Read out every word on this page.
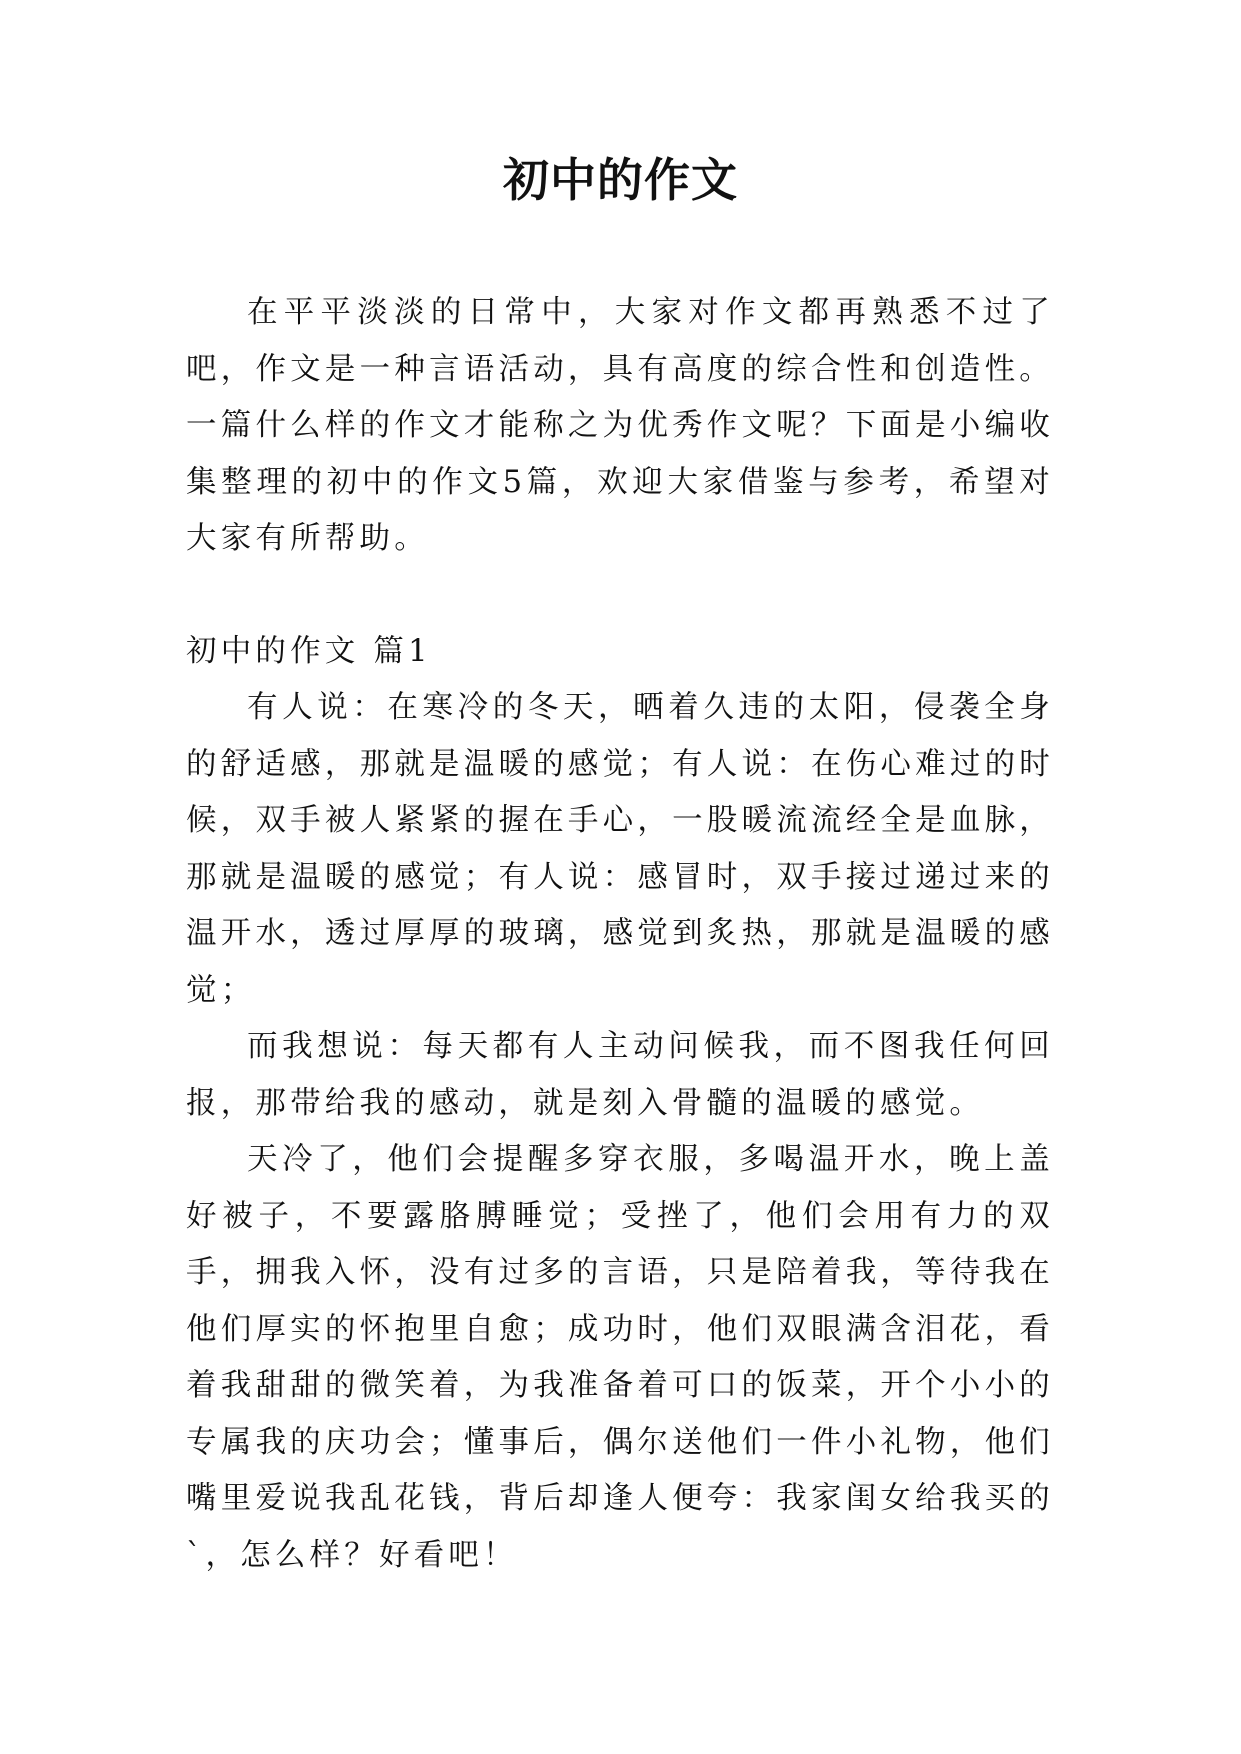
初中的作文

在平平淡淡的日常中，大家对作文都再熟悉不过了吧，作文是一种言语活动，具有高度的综合性和创造性。一篇什么样的作文才能称之为优秀作文呢？下面是小编收集整理的初中的作文5篇，欢迎大家借鉴与参考，希望对大家有所帮助。

初中的作文 篇1

有人说：在寒冷的冬天，晒着久违的太阳，侵袭全身的舒适感，那就是温暖的感觉；有人说：在伤心难过的时候，双手被人紧紧的握在手心，一股暖流流经全是血脉，那就是温暖的感觉；有人说：感冒时，双手接过递过来的温开水，透过厚厚的玻璃，感觉到炙热，那就是温暖的感觉；

而我想说：每天都有人主动问候我，而不图我任何回报，那带给我的感动，就是刻入骨髓的温暖的感觉。

天冷了，他们会提醒多穿衣服，多喝温开水，晚上盖好被子，不要露胳膊睡觉；受挫了，他们会用有力的双手，拥我入怀，没有过多的言语，只是陪着我，等待我在他们厚实的怀抱里自愈；成功时，他们双眼满含泪花，看着我甜甜的微笑着，为我准备着可口的饭菜，开个小小的专属我的庆功会；懂事后，偶尔送他们一件小礼物，他们嘴里爱说我乱花钱，背后却逢人便夸：我家闺女给我买的`，怎么样？好看吧！
